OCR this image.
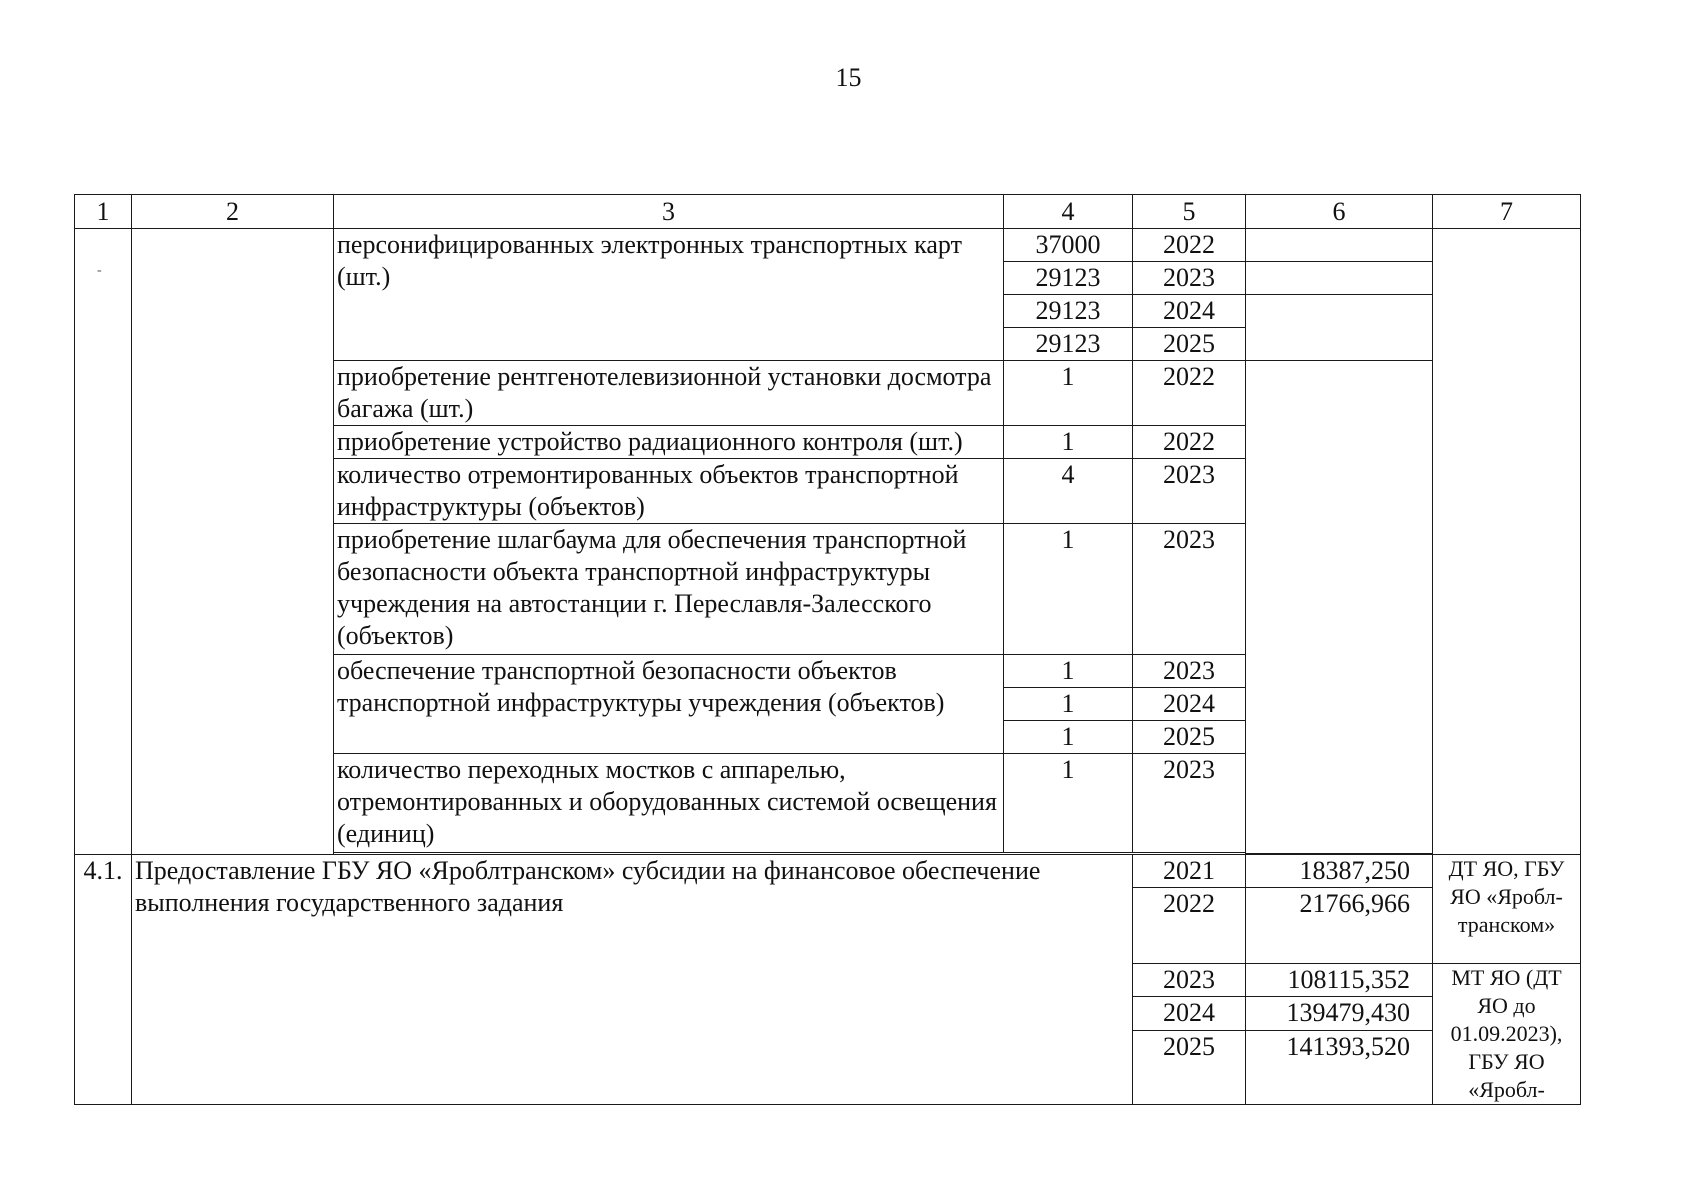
15
-
1	2	3	4	5	6	7
		персонифицированных электронных транспортных карт (шт.)	37000	2022		
			29123	2023		
			29123	2024		
			29123	2025		
		приобретение рентгенотелевизионной установки досмотра багажа (шт.)	1	2022		
		приобретение устройство радиационного контроля (шт.)	1	2022		
		количество отремонтированных объектов транспортной инфраструктуры (объектов)	4	2023		
		приобретение шлагбаума для обеспечения транспортной безопасности объекта транспортной инфраструктуры учреждения на автостанции г. Переславля-Залесского (объектов)	1	2023		
		обеспечение транспортной безопасности объектов транспортной инфраструктуры учреждения (объектов)	1	2023		
			1	2024		
			1	2025		
		количество переходных мостков с аппарелью, отремонтированных и оборудованных системой освещения (единиц)	1	2023		

4.1.	Предоставление ГБУ ЯО «Яроблтранском» субсидии на финансовое обеспечение выполнения государственного задания			2021	18387,250	ДТ ЯО, ГБУ ЯО «Яробл-транском»
				2022	21766,966	
				2023	108115,352	МТ ЯО (ДТ ЯО до 01.09.2023), ГБУ ЯО «Яробл-
				2024	139479,430	
				2025	141393,520	
